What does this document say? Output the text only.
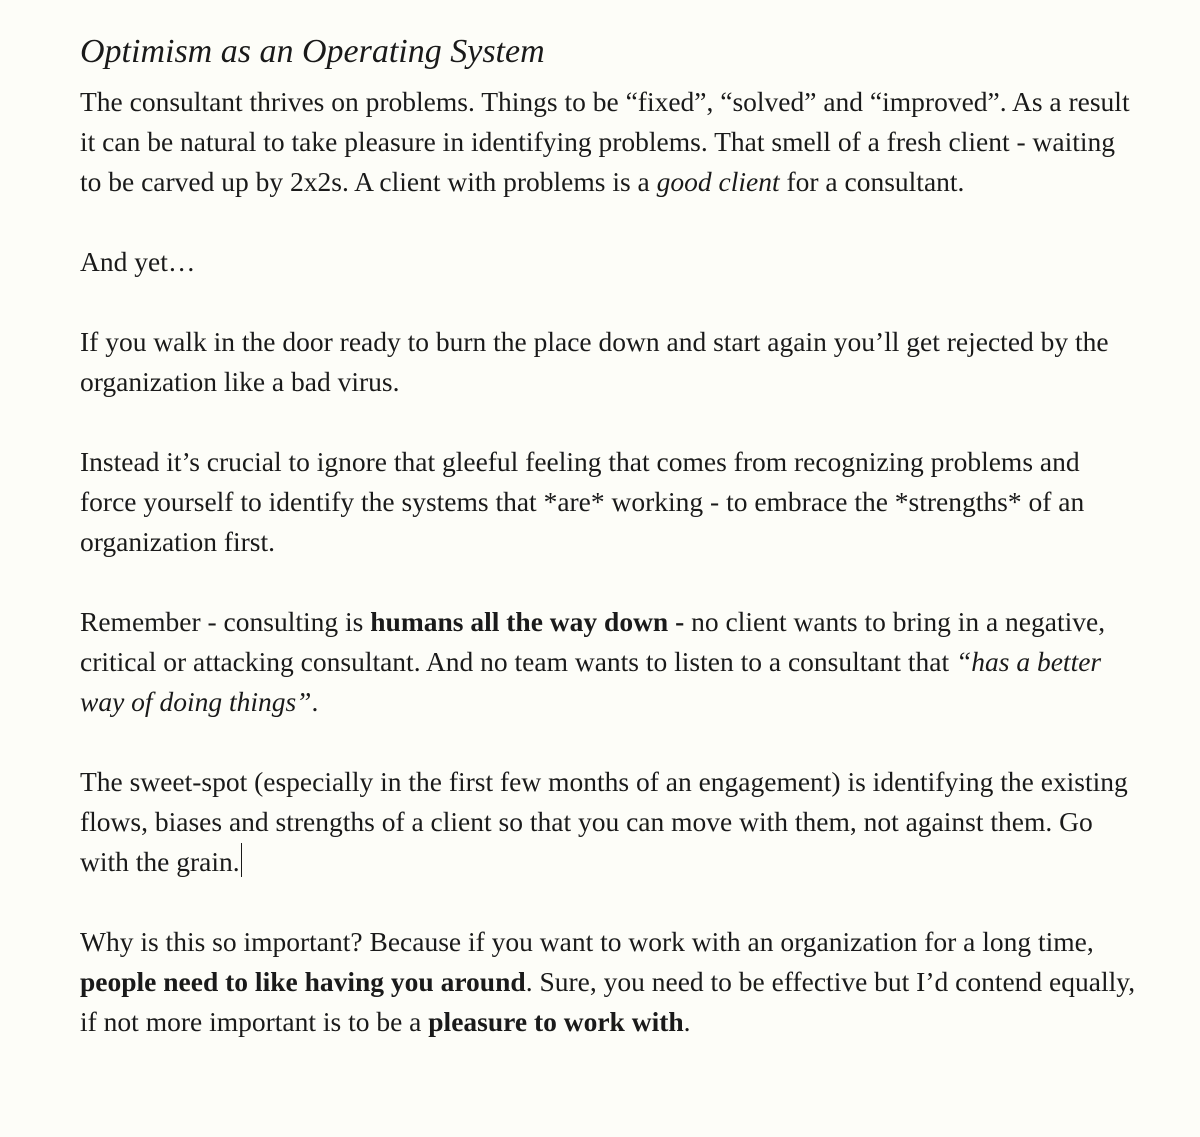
Optimism as an Operating System

The consultant thrives on problems. Things to be “fixed”, “solved” and “improved”. As a result it can be natural to take pleasure in identifying problems. That smell of a fresh client - waiting to be carved up by 2x2s. A client with problems is a good client for a consultant.

And yet…

If you walk in the door ready to burn the place down and start again you’ll get rejected by the organization like a bad virus.

Instead it’s crucial to ignore that gleeful feeling that comes from recognizing problems and force yourself to identify the systems that *are* working - to embrace the *strengths* of an organization first.

Remember - consulting is humans all the way down - no client wants to bring in a negative, critical or attacking consultant. And no team wants to listen to a consultant that “has a better way of doing things”.

The sweet-spot (especially in the first few months of an engagement) is identifying the existing flows, biases and strengths of a client so that you can move with them, not against them. Go with the grain.

Why is this so important? Because if you want to work with an organization for a long time, people need to like having you around. Sure, you need to be effective but I’d contend equally, if not more important is to be a pleasure to work with.
